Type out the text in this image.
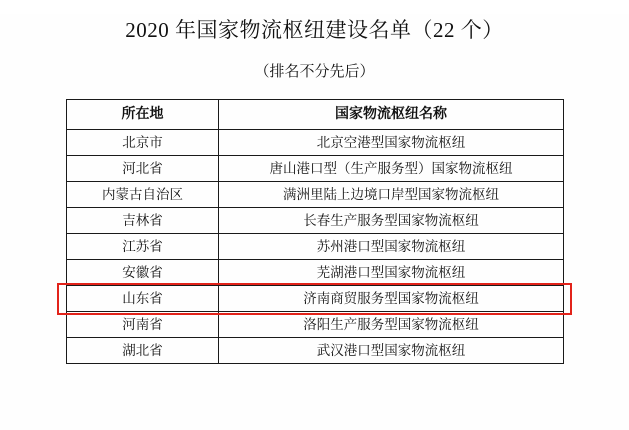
2020 年国家物流枢纽建设名单（22 个）
（排名不分先后）
所在地	国家物流枢纽名称
北京市	北京空港型国家物流枢纽
河北省	唐山港口型（生产服务型）国家物流枢纽
内蒙古自治区	满洲里陆上边境口岸型国家物流枢纽
吉林省	长春生产服务型国家物流枢纽
江苏省	苏州港口型国家物流枢纽
安徽省	芜湖港口型国家物流枢纽
山东省	济南商贸服务型国家物流枢纽
河南省	洛阳生产服务型国家物流枢纽
湖北省	武汉港口型国家物流枢纽
